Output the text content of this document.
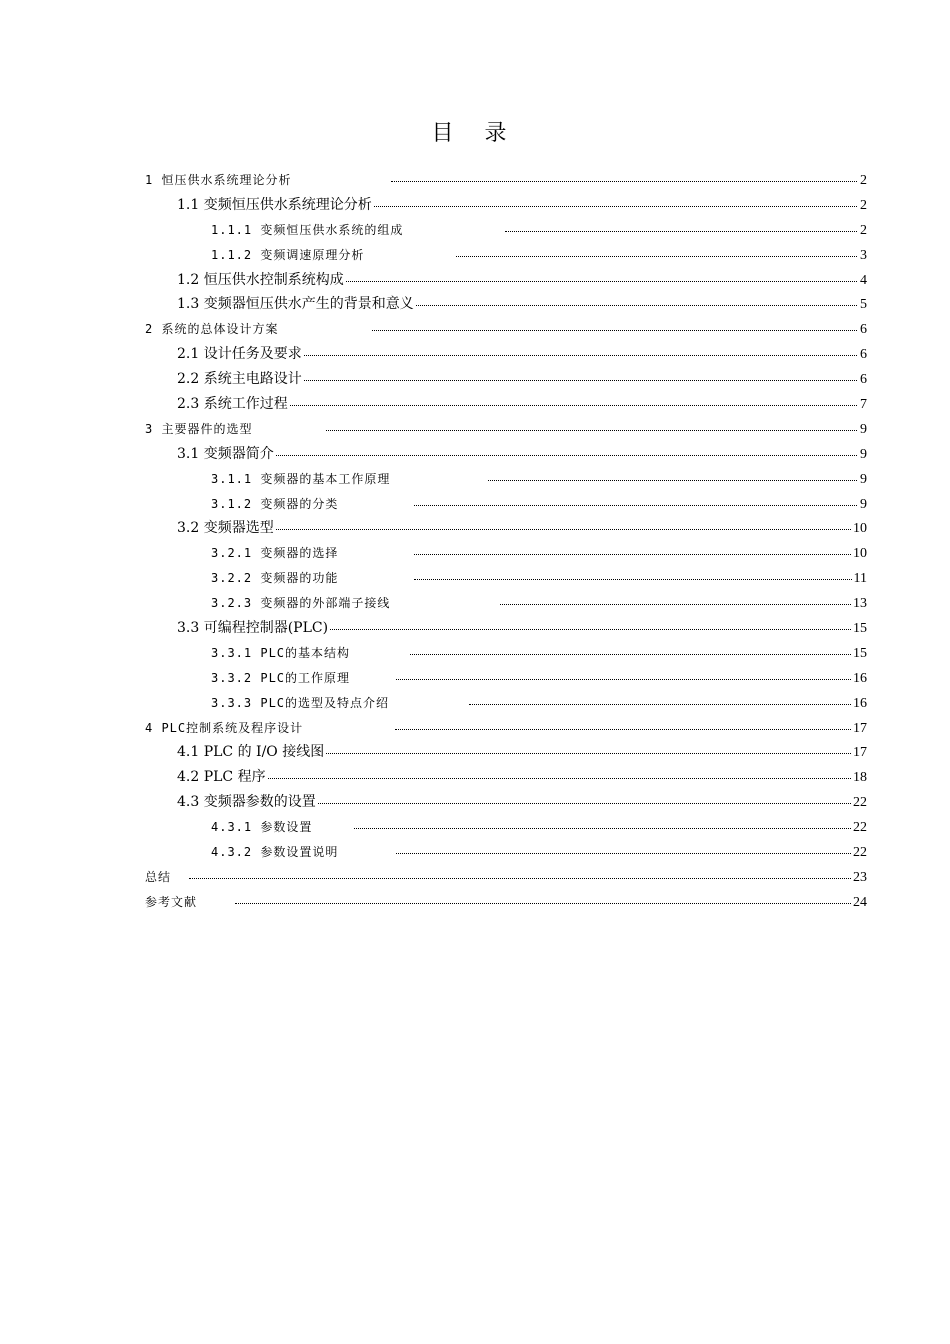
目 录
1 恒压供水系统理论分析	2
1.1 变频恒压供水系统理论分析	2
1.1.1 变频恒压供水系统的组成	2
1.1.2 变频调速原理分析	3
1.2 恒压供水控制系统构成	4
1.3 变频器恒压供水产生的背景和意义	5
2 系统的总体设计方案	6
2.1 设计任务及要求	6
2.2 系统主电路设计	6
2.3 系统工作过程	7
3 主要器件的选型	9
3.1 变频器简介	9
3.1.1 变频器的基本工作原理	9
3.1.2 变频器的分类	9
3.2 变频器选型	10
3.2.1 变频器的选择	10
3.2.2 变频器的功能	11
3.2.3 变频器的外部端子接线	13
3.3 可编程控制器(PLC)	15
3.3.1 PLC的基本结构	15
3.3.2 PLC的工作原理	16
3.3.3 PLC的选型及特点介绍	16
4 PLC控制系统及程序设计	17
4.1 PLC 的 I/O 接线图	17
4.2 PLC 程序	18
4.3 变频器参数的设置	22
4.3.1 参数设置	22
4.3.2 参数设置说明	22
总结	23
参考文献	24
